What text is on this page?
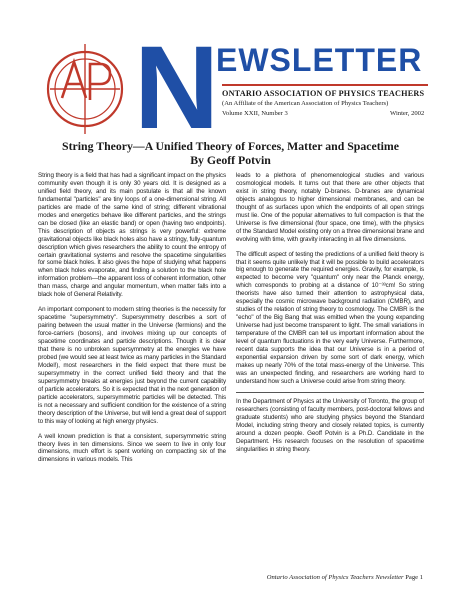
N EWSLETTER
ONTARIO ASSOCIATION OF PHYSICS TEACHERS
(An Affiliate of the American Association of Physics Teachers)
Volume XXII, Number 3	Winter, 2002
String Theory—A Unified Theory of Forces, Matter and Spacetime
By Geoff Potvin

String theory is a field that has had a significant impact on the physics community even though it is only 30 years old. It is designed as a unified field theory, and its main postulate is that all the known fundamental "particles" are tiny loops of a one-dimensional string. All particles are made of the same kind of string; different vibrational modes and energetics behave like different particles, and the strings can be closed (like an elastic band) or open (having two endpoints). This description of objects as strings is very powerful: extreme gravitational objects like black holes also have a stringy, fully-quantum description which gives researchers the ability to count the entropy of certain gravitational systems and resolve the spacetime singularities for some black holes. It also gives the hope of studying what happens when black holes evaporate, and finding a solution to the black hole information problem—the apparent loss of coherent information, other than mass, charge and angular momentum, when matter falls into a black hole of General Relativity.

An important component to modern string theories is the necessity for spacetime "supersymmetry". Supersymmetry describes a sort of pairing between the usual matter in the Universe (fermions) and the force-carriers (bosons), and involves mixing up our concepts of spacetime coordinates and particle descriptions. Though it is clear that there is no unbroken supersymmetry at the energies we have probed (we would see at least twice as many particles in the Standard Model!), most researchers in the field expect that there must be supersymmetry in the correct unified field theory and that the supersymmetry breaks at energies just beyond the current capability of particle accelerators. So it is expected that in the next generation of particle accelerators, supersymmetric particles will be detected. This is not a necessary and sufficient condition for the existence of a string theory description of the Universe, but will lend a great deal of support to this way of looking at high energy physics.

A well known prediction is that a consistent, supersymmetric string theory lives in ten dimensions. Since we seem to live in only four dimensions, much effort is spent working on compacting six of the dimensions in various models. This

leads to a plethora of phenomenological studies and various cosmological models. It turns out that there are other objects that exist in string theory, notably D-branes. D-branes are dynamical objects analogous to higher dimensional membranes, and can be thought of as surfaces upon which the endpoints of all open strings must lie. One of the popular alternatives to full compaction is that the Universe is five dimensional (four space, one time), with the physics of the Standard Model existing only on a three dimensional brane and evolving with time, with gravity interacting in all five dimensions.

The difficult aspect of testing the predictions of a unified field theory is that it seems quite unlikely that it will be possible to build accelerators big enough to generate the required energies. Gravity, for example, is expected to become very "quantum" only near the Planck energy, which corresponds to probing at a distance of 10⁻³³cm! So string theorists have also turned their attention to astrophysical data, especially the cosmic microwave background radiation (CMBR), and studies of the relation of string theory to cosmology. The CMBR is the "echo" of the Big Bang that was emitted when the young expanding Universe had just become transparent to light. The small variations in temperature of the CMBR can tell us important information about the level of quantum fluctuations in the very early Universe. Furthermore, recent data supports the idea that our Universe is in a period of exponential expansion driven by some sort of dark energy, which makes up nearly 70% of the total mass-energy of the Universe. This was an unexpected finding, and researchers are working hard to understand how such a Universe could arise from string theory.

In the Department of Physics at the University of Toronto, the group of researchers (consisting of faculty members, post-doctoral fellows and graduate students) who are studying physics beyond the Standard Model, including string theory and closely related topics, is currently around a dozen people. Geoff Potvin is a Ph.D. Candidate in the Department. His research focuses on the resolution of spacetime singularities in string theory.

Ontario Association of Physics Teachers Newsletter Page 1
